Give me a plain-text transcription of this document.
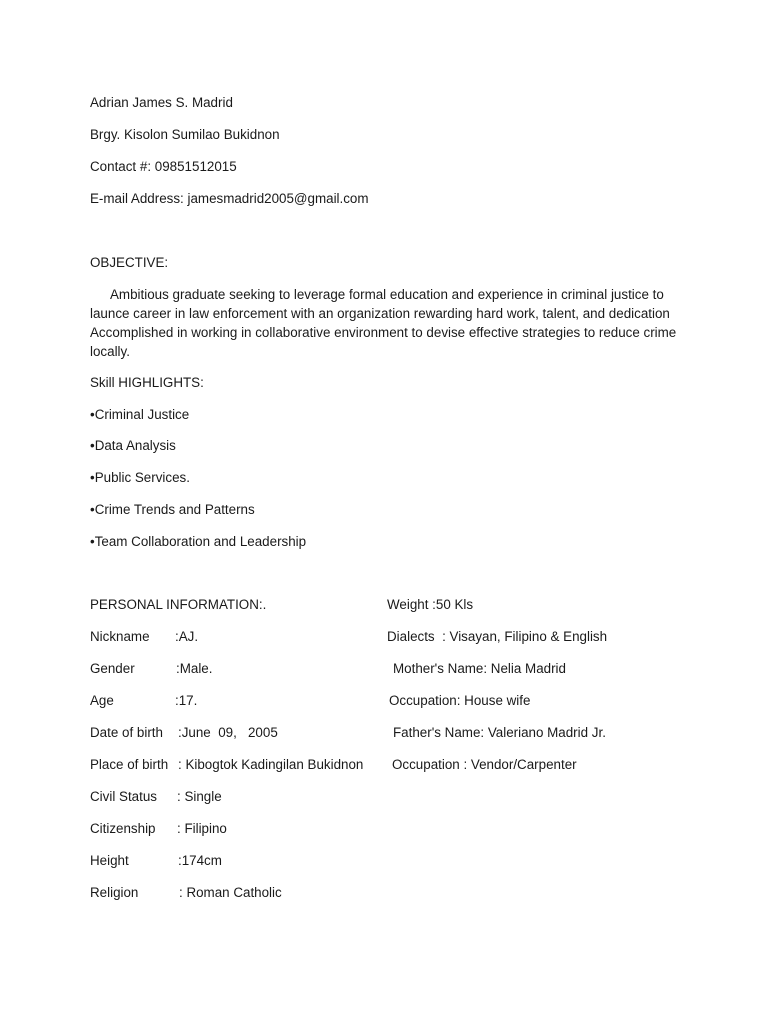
Adrian James S. Madrid
Brgy. Kisolon Sumilao Bukidnon
Contact #: 09851512015
E-mail Address: jamesmadrid2005@gmail.com
OBJECTIVE:
Ambitious graduate seeking to leverage formal education and experience in criminal justice to launce career in law enforcement with an organization rewarding hard work, talent, and dedication Accomplished in working in collaborative environment to devise effective strategies to reduce crime locally.
Skill HIGHLIGHTS:
•Criminal Justice
•Data Analysis
•Public Services.
•Crime Trends and Patterns
•Team Collaboration and Leadership
PERSONAL INFORMATION:.
Nickname
Gender
Age
Date of birth
Place of birth
Civil Status
Citizenship
Height
Religion
:AJ.
:Male.
:17.
:June  09,   2005
: Kibogtok Kadingilan Bukidnon
: Single
: Filipino
:174cm
: Roman Catholic
Weight :50 Kls
Dialects  : Visayan, Filipino & English
Mother's Name: Nelia Madrid
Occupation: House wife
Father's Name: Valeriano Madrid Jr.
Occupation : Vendor/Carpenter
